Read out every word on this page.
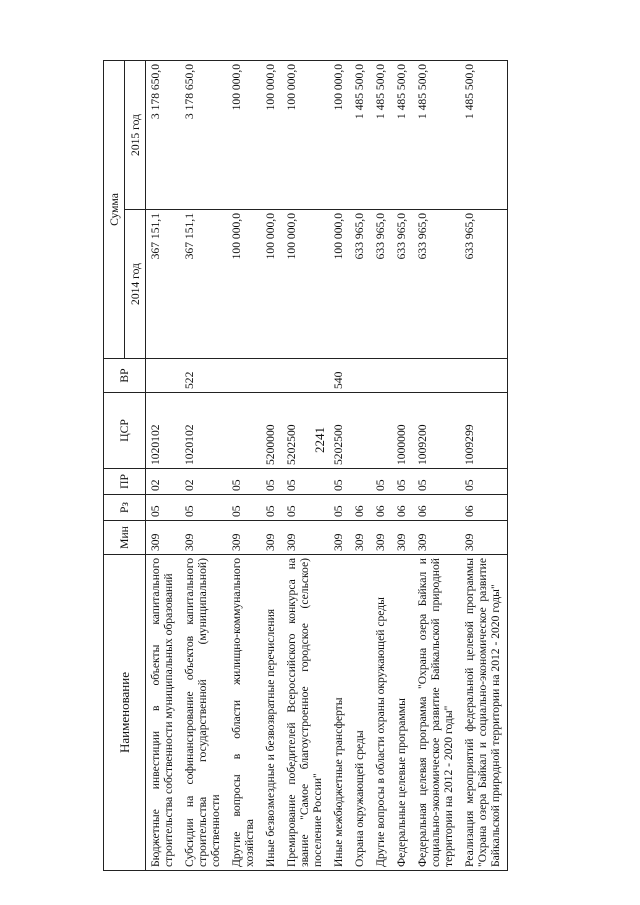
2241
Наименование	Мин	Рз	ПР	ЦСР	ВР	Сумма	
						2014 год	2015 год
Бюджетные инвестиции в объекты капитального строительства собственности муниципальных образований	309	05	02	1020102		367 151,1	3 178 650,0
Субсидии на софинансирование объектов капитального строительства государственной (муниципальной) собственности	309	05	02	1020102	522	367 151,1	3 178 650,0
Другие вопросы в области жилищно-коммунального хозяйства	309	05	05			100 000,0	100 000,0
Иные безвозмездные и безвозвратные перечисления	309	05	05	5200000		100 000,0	100 000,0
Премирование победителей Всероссийского конкурса на звание "Самое благоустроенное городское (сельское) поселение России"	309	05	05	5202500		100 000,0	100 000,0
Иные межбюджетные трансферты	309	05	05	5202500	540	100 000,0	100 000,0
Охрана окружающей среды	309	06				633 965,0	1 485 500,0
Другие вопросы в области охраны окружающей среды	309	06	05			633 965,0	1 485 500,0
Федеральные целевые программы	309	06	05	1000000		633 965,0	1 485 500,0
Федеральная целевая программа "Охрана озера Байкал и социально-экономическое развитие Байкальской природной территории на 2012 - 2020 годы"	309	06	05	1009200		633 965,0	1 485 500,0
Реализация мероприятий федеральной целевой программы "Охрана озера Байкал и социально-экономическое развитие Байкальской природной территории на 2012 - 2020 годы"	309	06	05	1009299		633 965,0	1 485 500,0
